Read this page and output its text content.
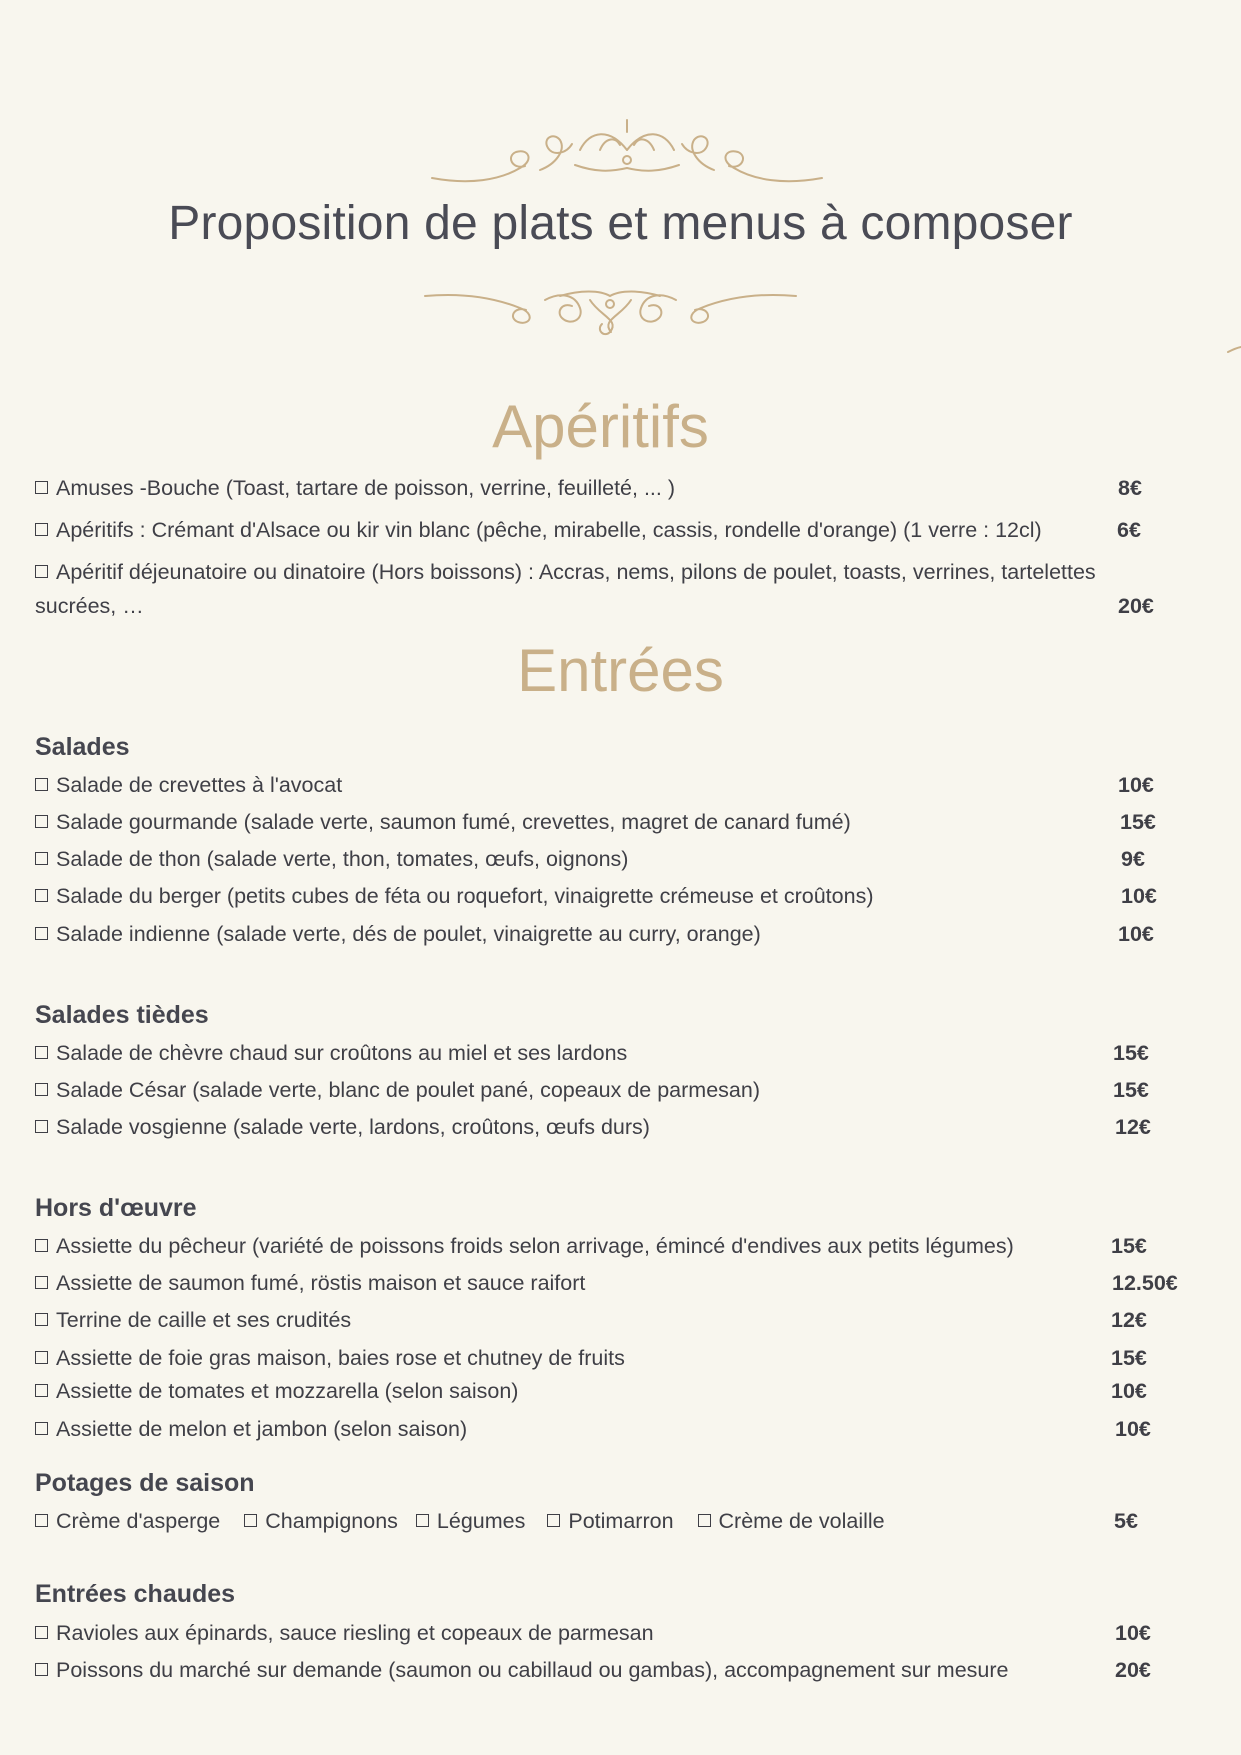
Proposition de plats et menus à composer
Apéritifs
Amuses -Bouche (Toast, tartare de poisson, verrine, feuilleté, ... )	8€
Apéritifs : Crémant d'Alsace ou kir vin blanc (pêche, mirabelle, cassis, rondelle d'orange) (1 verre : 12cl)	6€
Apéritif déjeunatoire ou dinatoire (Hors boissons) : Accras, nems, pilons de poulet, toasts, verrines, tartelettes
sucrées, …	20€
Entrées
Salades
Salade de crevettes à l'avocat	10€
Salade gourmande (salade verte, saumon fumé, crevettes, magret de canard fumé)	15€
Salade de thon (salade verte, thon, tomates, œufs, oignons)	9€
Salade du berger (petits cubes de féta ou roquefort, vinaigrette crémeuse et croûtons)	10€
Salade indienne (salade verte, dés de poulet, vinaigrette au curry, orange)	10€
Salades tièdes
Salade de chèvre chaud sur croûtons au miel et ses lardons	15€
Salade César (salade verte, blanc de poulet pané, copeaux de parmesan)	15€
Salade vosgienne (salade verte, lardons, croûtons, œufs durs)	12€
Hors d'œuvre
Assiette du pêcheur (variété de poissons froids selon arrivage, émincé d'endives aux petits légumes)	15€
Assiette de saumon fumé, röstis maison et sauce raifort	12.50€
Terrine de caille et ses crudités	12€
Assiette de foie gras maison, baies rose et chutney de fruits	15€
Assiette de tomates et mozzarella (selon saison)	10€
Assiette de melon et jambon (selon saison)	10€
Potages de saison
Crème d'asperge Champignons Légumes Potimarron Crème de volaille	5€
Entrées chaudes
Ravioles aux épinards, sauce riesling et copeaux de parmesan	10€
Poissons du marché sur demande (saumon ou cabillaud ou gambas), accompagnement sur mesure	20€
